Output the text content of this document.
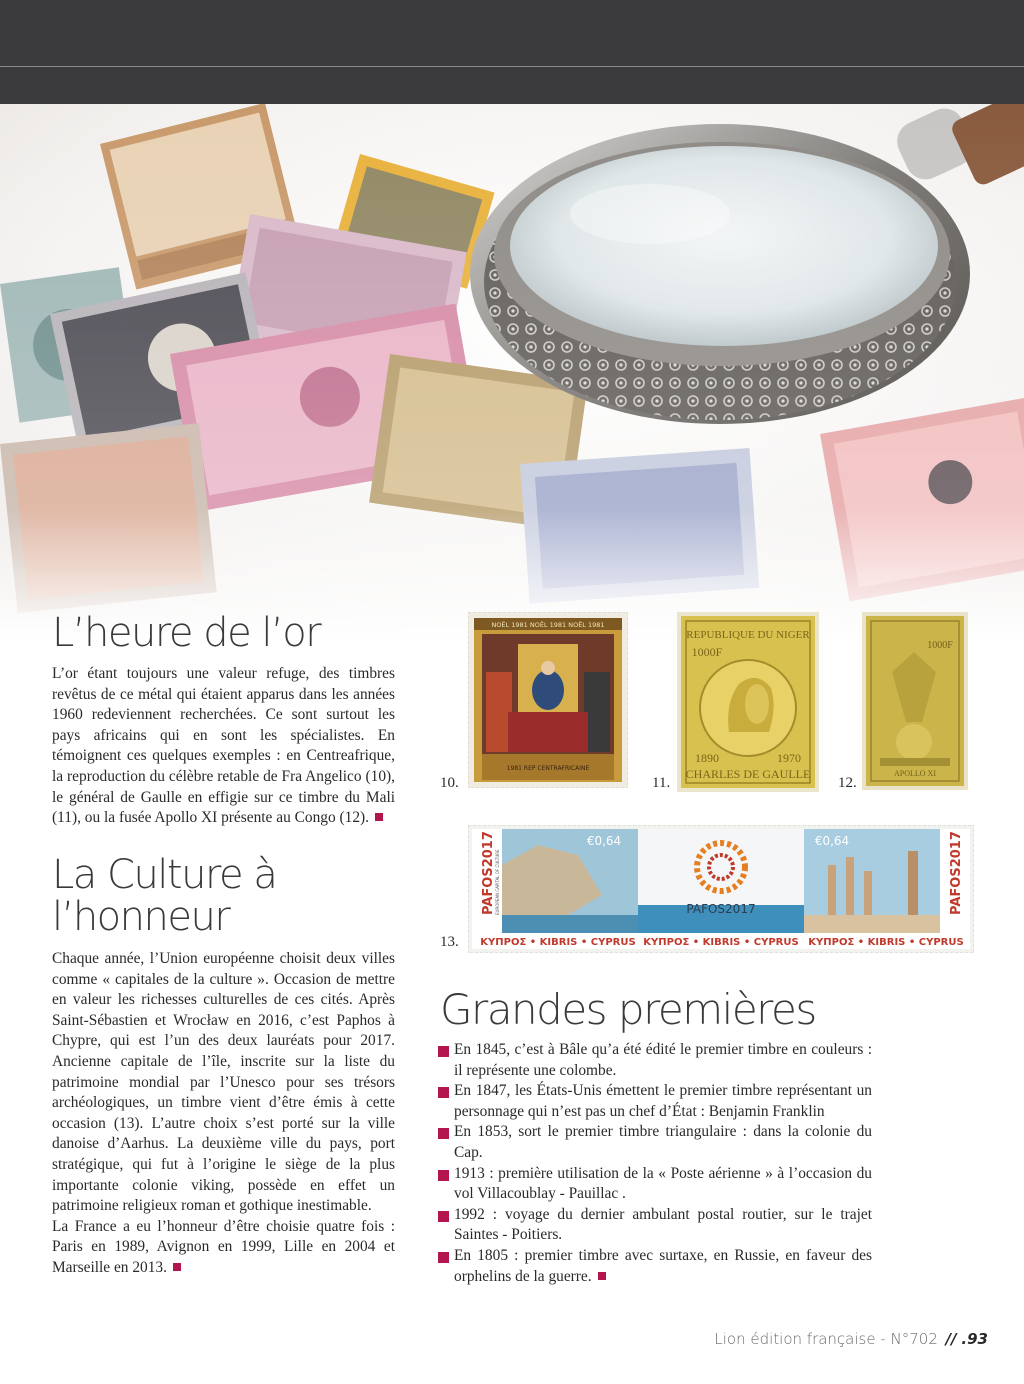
L’heure de l’or

L’or étant toujours une valeur refuge, des timbres revêtus de ce métal qui étaient apparus dans les années 1960 redeviennent recherchées. Ce sont surtout les pays africains qui en sont les spécialistes. En témoignent ces quelques exemples : en Centreafrique, la reproduction du célèbre retable de Fra Angelico (10), le général de Gaulle en effigie sur ce timbre du Mali (11), ou la fusée Apollo XI présente au Congo (12).

La Culture à
l’honneur

Chaque année, l’Union européenne choisit deux villes comme « capitales de la culture ». Occasion de mettre en valeur les richesses culturelles de ces cités. Après Saint-Sébastien et Wrocław en 2016, c’est Paphos à Chypre, qui est l’un des deux lauréats pour 2017. Ancienne capitale de l’île, inscrite sur la liste du patrimoine mondial par l’Unesco pour ses trésors archéologiques, un timbre vient d’être émis à cette occasion (13). L’autre choix s’est porté sur la ville danoise d’Aarhus. La deuxième ville du pays, port stratégique, qui fut à l’origine le siège de la plus importante colonie viking, possède en effet un patrimoine religieux roman et gothique inestimable.

La France a eu l’honneur d’être choisie quatre fois : Paris en 1989, Avignon en 1999, Lille en 2004 et Marseille en 2013.

10.
NOËL 1981 NOËL 1981 NOËL 1981
1981 REP CENTRAFRICAINE
11.
REPUBLIQUE DU NIGER
1000F
1890	1970
CHARLES DE GAULLE
12.
1000F
APOLLO XI
13.
PAFOS2017 EUROPEAN CAPITAL OF CULTURE
€0,64
PAFOS2017
€0,64	PAFOS2017
ΚΥΠΡΟΣ • KIBRIS • CYPRUS ΚΥΠΡΟΣ • KIBRIS • CYPRUS ΚΥΠΡΟΣ • KIBRIS • CYPRUS
Grandes premières
En 1845, c’est à Bâle qu’a été édité le premier timbre en couleurs : il représente une colombe.
En 1847, les États-Unis émettent le premier timbre représentant un personnage qui n’est pas un chef d’État : Benjamin Franklin
En 1853, sort le premier timbre triangulaire : dans la colonie du Cap.
1913 : première utilisation de la « Poste aérienne » à l’occasion du vol Villacoublay - Pauillac .
1992 : voyage du dernier ambulant postal routier, sur le trajet Saintes - Poitiers.
En 1805 : premier timbre avec surtaxe, en Russie, en faveur des orphelins de la guerre.
Lion édition française - N°702 // .93
